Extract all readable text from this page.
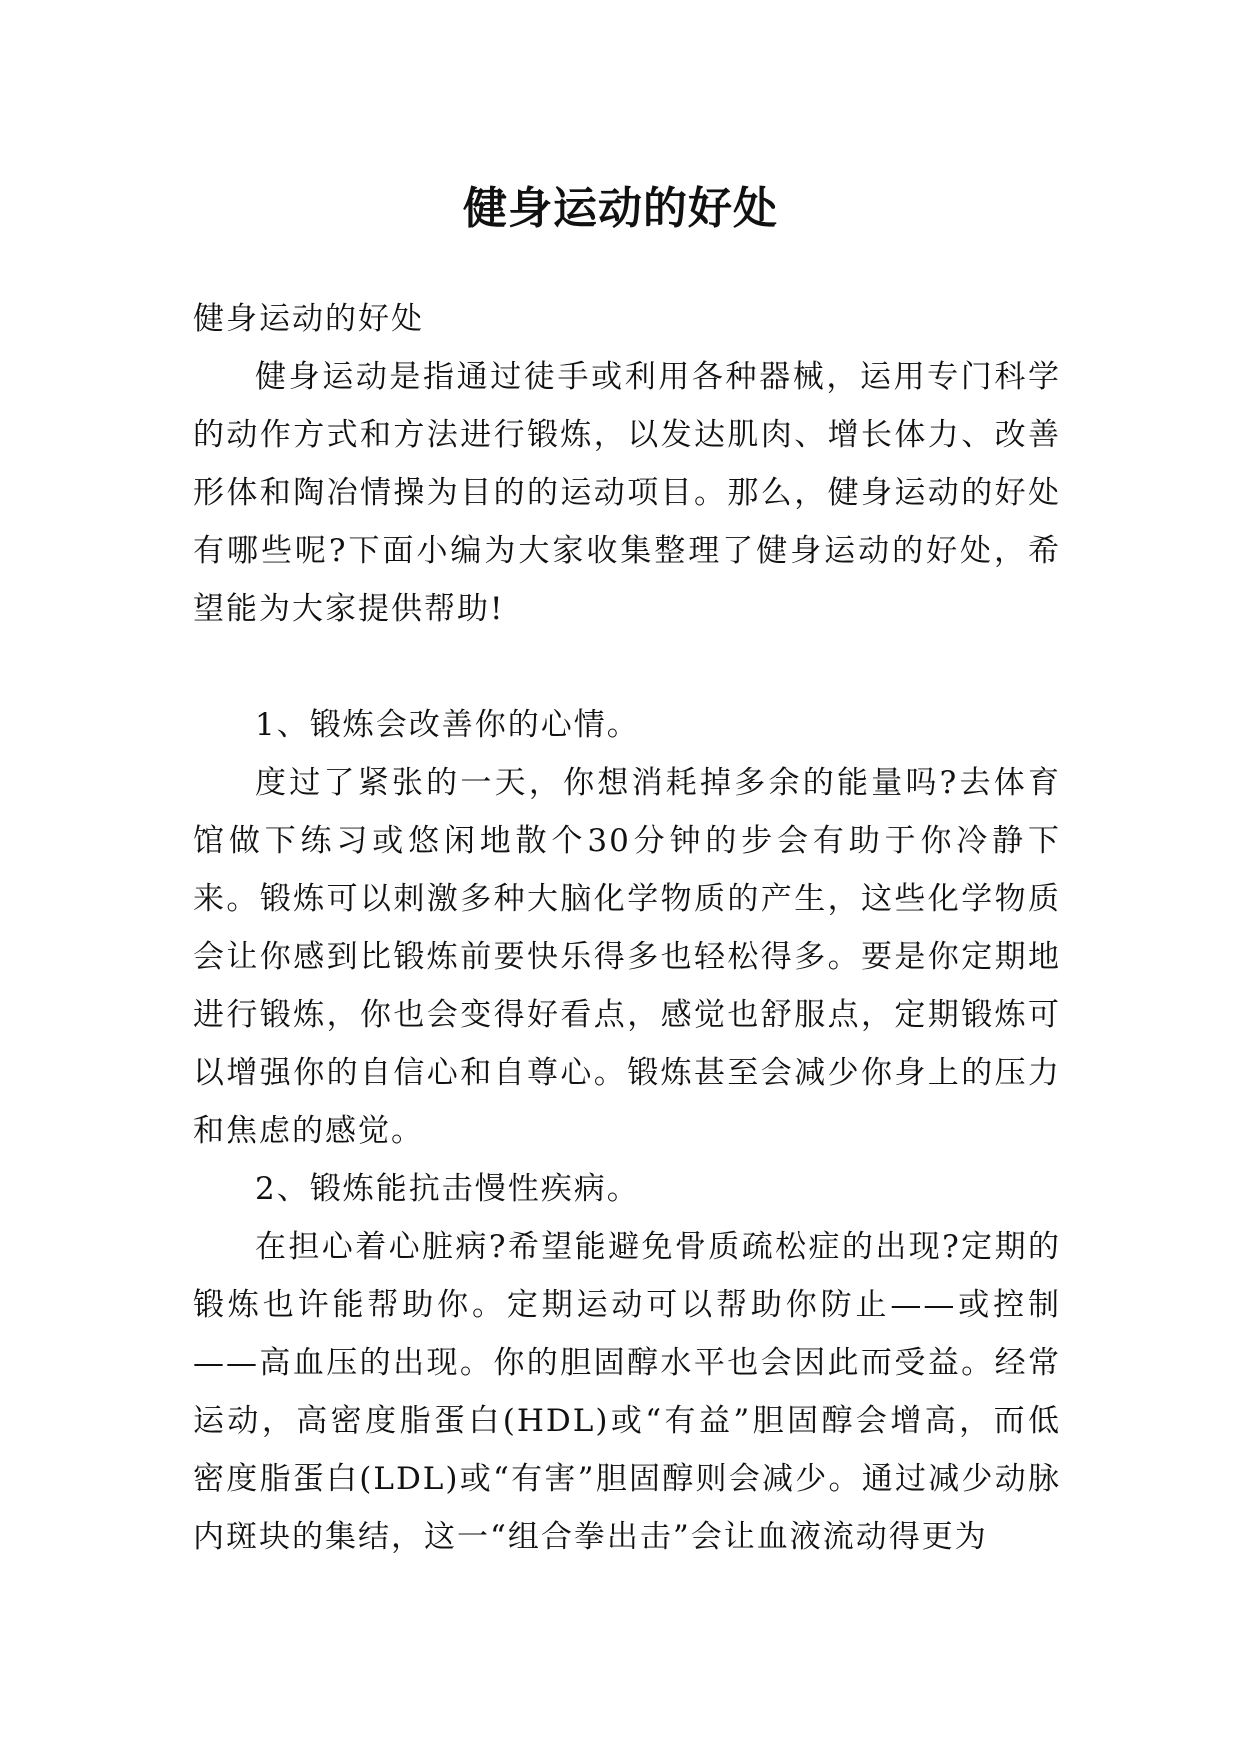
健身运动的好处

健身运动的好处

健身运动是指通过徒手或利用各种器械，运用专门科学的动作方式和方法进行锻炼，以发达肌肉、增长体力、改善形体和陶冶情操为目的的运动项目。那么，健身运动的好处有哪些呢?下面小编为大家收集整理了健身运动的好处，希望能为大家提供帮助!

1、锻炼会改善你的心情。

度过了紧张的一天，你想消耗掉多余的能量吗?去体育馆做下练习或悠闲地散个30分钟的步会有助于你冷静下来。锻炼可以刺激多种大脑化学物质的产生，这些化学物质会让你感到比锻炼前要快乐得多也轻松得多。要是你定期地进行锻炼，你也会变得好看点，感觉也舒服点，定期锻炼可以增强你的自信心和自尊心。锻炼甚至会减少你身上的压力和焦虑的感觉。

2、锻炼能抗击慢性疾病。

在担心着心脏病?希望能避免骨质疏松症的出现?定期的锻炼也许能帮助你。定期运动可以帮助你防止——或控制——高血压的出现。你的胆固醇水平也会因此而受益。经常运动，高密度脂蛋白(HDL)或“有益”胆固醇会增高，而低密度脂蛋白(LDL)或“有害”胆固醇则会减少。通过减少动脉内斑块的集结，这一“组合拳出击”会让血液流动得更为
